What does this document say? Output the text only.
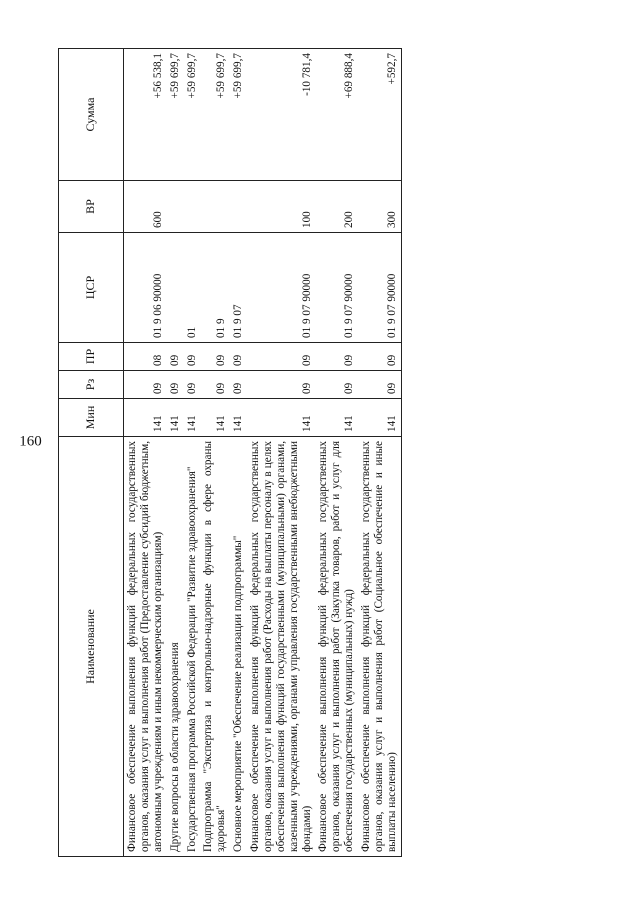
160
Наименование	Мин	Рз	ПР	ЦСР	ВР	Сумма
Финансовое обеспечение выполнения функций федеральных государственных органов, оказания услуг и выполнения работ (Предоставление субсидий бюджетным, автономным учреждениям и иным некоммерческим организациям)	141	09	08	01 9 06 90000	600	+56 538,1
Другие вопросы в области здравоохранения	141	09	09			+59 699,7
Государственная программа Российской Федерации "Развитие здравоохранения"	141	09	09	01		+59 699,7
Подпрограмма "Экспертиза и контрольно-надзорные функции в сфере охраны здоровья"	141	09	09	01 9		+59 699,7
Основное мероприятие "Обеспечение реализации подпрограммы"	141	09	09	01 9 07		+59 699,7
Финансовое обеспечение выполнения функций федеральных государственных органов, оказания услуг и выполнения работ (Расходы на выплаты персоналу в целях обеспечения выполнения функций государственными (муниципальными) органами, казенными учреждениями, органами управления государственными внебюджетными фондами)	141	09	09	01 9 07 90000	100	-10 781,4
Финансовое обеспечение выполнения функций федеральных государственных органов, оказания услуг и выполнения работ (Закупка товаров, работ и услуг для обеспечения государственных (муниципальных) нужд)	141	09	09	01 9 07 90000	200	+69 888,4
Финансовое обеспечение выполнения функций федеральных государственных органов, оказания услуг и выполнения работ (Социальное обеспечение и иные выплаты населению)	141	09	09	01 9 07 90000	300	+592,7
